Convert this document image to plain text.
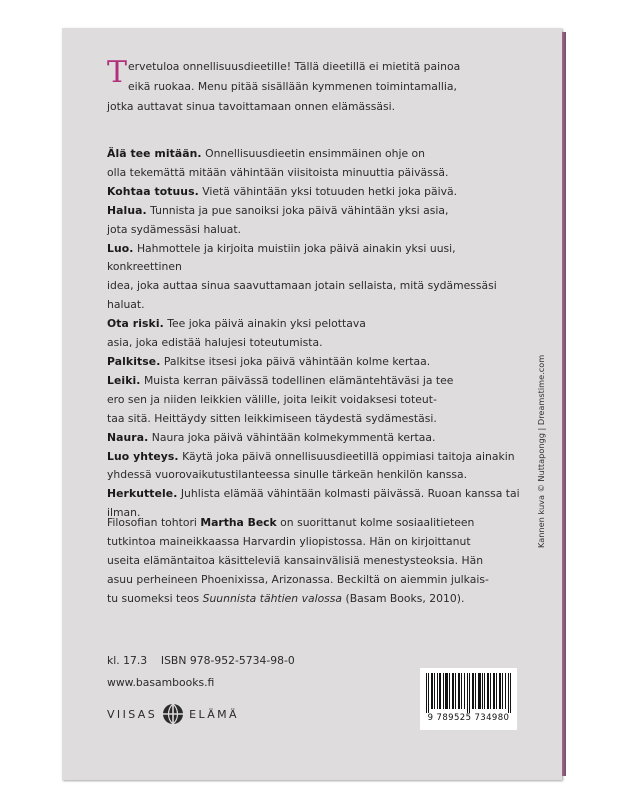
T ervetuloa onnellisuusdieetille! Tällä dieetillä ei mietitä painoa
eikä ruokaa. Menu pitää sisällään kymmenen toimintamallia,
jotka auttavat sinua tavoittamaan onnen elämässäsi.
Älä tee mitään. Onnellisuusdieetin ensimmäinen ohje on
olla tekemättä mitään vähintään viisitoista minuuttia päivässä.
Kohtaa totuus. Vietä vähintään yksi totuuden hetki joka päivä.
Halua. Tunnista ja pue sanoiksi joka päivä vähintään yksi asia,
jota sydämessäsi haluat.
Luo. Hahmottele ja kirjoita muistiin joka päivä ainakin yksi uusi, konkreettinen
idea, joka auttaa sinua saavuttamaan jotain sellaista, mitä sydämessäsi haluat.
Ota riski. Tee joka päivä ainakin yksi pelottava
asia, joka edistää halujesi toteutumista.
Palkitse. Palkitse itsesi joka päivä vähintään kolme kertaa.
Leiki. Muista kerran päivässä todellinen elämäntehtäväsi ja tee
ero sen ja niiden leikkien välille, joita leikit voidaksesi toteut-
taa sitä. Heittäydy sitten leikkimiseen täydestä sydämestäsi.
Naura. Naura joka päivä vähintään kolmekymmentä kertaa.
Luo yhteys. Käytä joka päivä onnellisuusdieetillä oppimiasi taitoja ainakin
yhdessä vuorovaikutustilanteessa sinulle tärkeän henkilön kanssa.
Herkuttele. Juhlista elämää vähintään kolmasti päivässä. Ruoan kanssa tai ilman.
Filosofian tohtori Martha Beck on suorittanut kolme sosiaalitieteen
tutkintoa maineikkaassa Harvardin yliopistossa. Hän on kirjoittanut
useita elämäntaitoa käsitteleviä kansainvälisiä menestysteoksia. Hän
asuu perheineen Phoenixissa, Arizonassa. Beckiltä on aiemmin julkais-
tu suomeksi teos Suunnista tähtien valossa (Basam Books, 2010).
kl. 17.3 ISBN 978-952-5734-98-0
www.basambooks.fi
VIISAS	ELÄMÄ	9 789525 734980
Kannen kuva © Nuttapongg | Dreamstime.com
